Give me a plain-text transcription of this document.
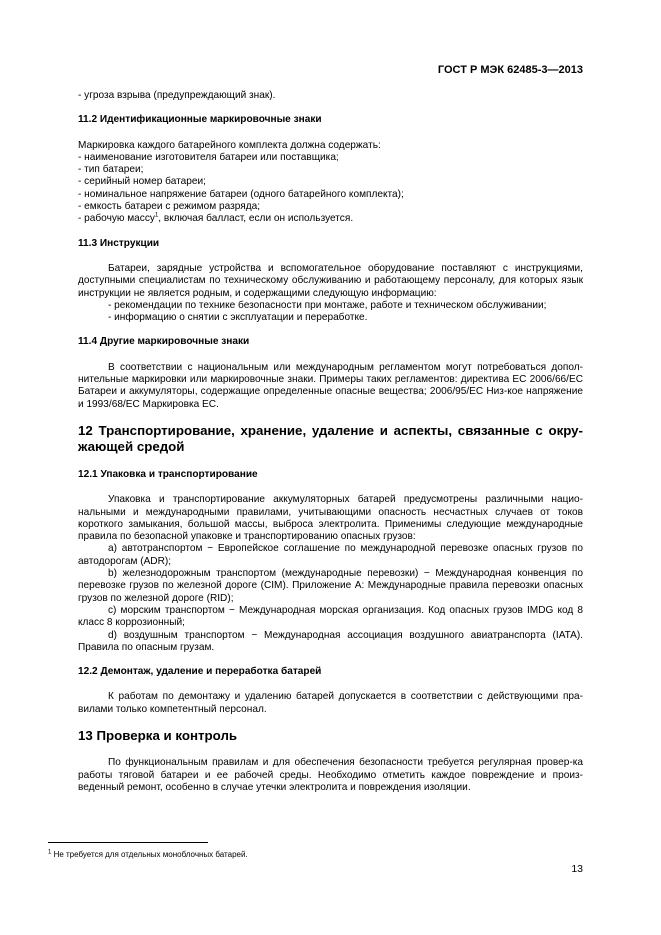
ГОСТ Р МЭК 62485-3—2013

- угроза взрыва (предупреждающий знак).

11.2 Идентификационные маркировочные знаки

Маркировка каждого батарейного комплекта должна содержать:

- наименование изготовителя батареи или поставщика;

- тип батареи;

- серийный номер батареи;

- номинальное напряжение батареи (одного батарейного комплекта);

- емкость батареи с режимом разряда;

- рабочую массу$^1$, включая балласт, если он используется.

11.3 Инструкции

Батареи, зарядные устройства и вспомогательное оборудование поставляют с инструкциями, доступными специалистам по техническому обслуживанию и работающему персоналу, для которых язык инструкции не является родным, и содержащими следующую информацию:

- рекомендации по технике безопасности при монтаже, работе и техническом обслуживании;

- информацию о снятии с эксплуатации и переработке.

11.4 Другие маркировочные знаки

В соответствии с национальным или международным регламентом могут потребоваться допол-нительные маркировки или маркировочные знаки. Примеры таких регламентов: директива ЕС 2006/66/ЕС Батареи и аккумуляторы, содержащие определенные опасные вещества; 2006/95/ЕС Низ-кое напряжение и 1993/68/ЕС Маркировка ЕС.

12 Транспортирование, хранение, удаление и аспекты, связанные с окру-жающей средой

12.1 Упаковка и транспортирование

Упаковка и транспортирование аккумуляторных батарей предусмотрены различными нацио-нальными и международными правилами, учитывающими опасность несчастных случаев от токов короткого замыкания, большой массы, выброса электролита. Применимы следующие международные правила по безопасной упаковке и транспортированию опасных грузов:

a) автотранспортом − Европейское соглашение по международной перевозке опасных грузов по автодорогам (ADR);

b) железнодорожным транспортом (международные перевозки) − Международная конвенция по перевозке грузов по железной дороге (CIM). Приложение А: Международные правила перевозки опасных грузов по железной дороге (RID);

c) морским транспортом − Международная морская организация. Код опасных грузов IMDG код 8 класс 8 коррозионный;

d) воздушным транспортом − Международная ассоциация воздушного авиатранспорта (IATA). Правила по опасным грузам.

12.2 Демонтаж, удаление и переработка батарей

К работам по демонтажу и удалению батарей допускается в соответствии с действующими пра-вилами только компетентный персонал.

13 Проверка и контроль

По функциональным правилам и для обеспечения безопасности требуется регулярная провер-ка работы тяговой батареи и ее рабочей среды. Необходимо отметить каждое повреждение и произ-веденный ремонт, особенно в случае утечки электролита и повреждения изоляции.

$^1$ Не требуется для отдельных моноблочных батарей.
13
